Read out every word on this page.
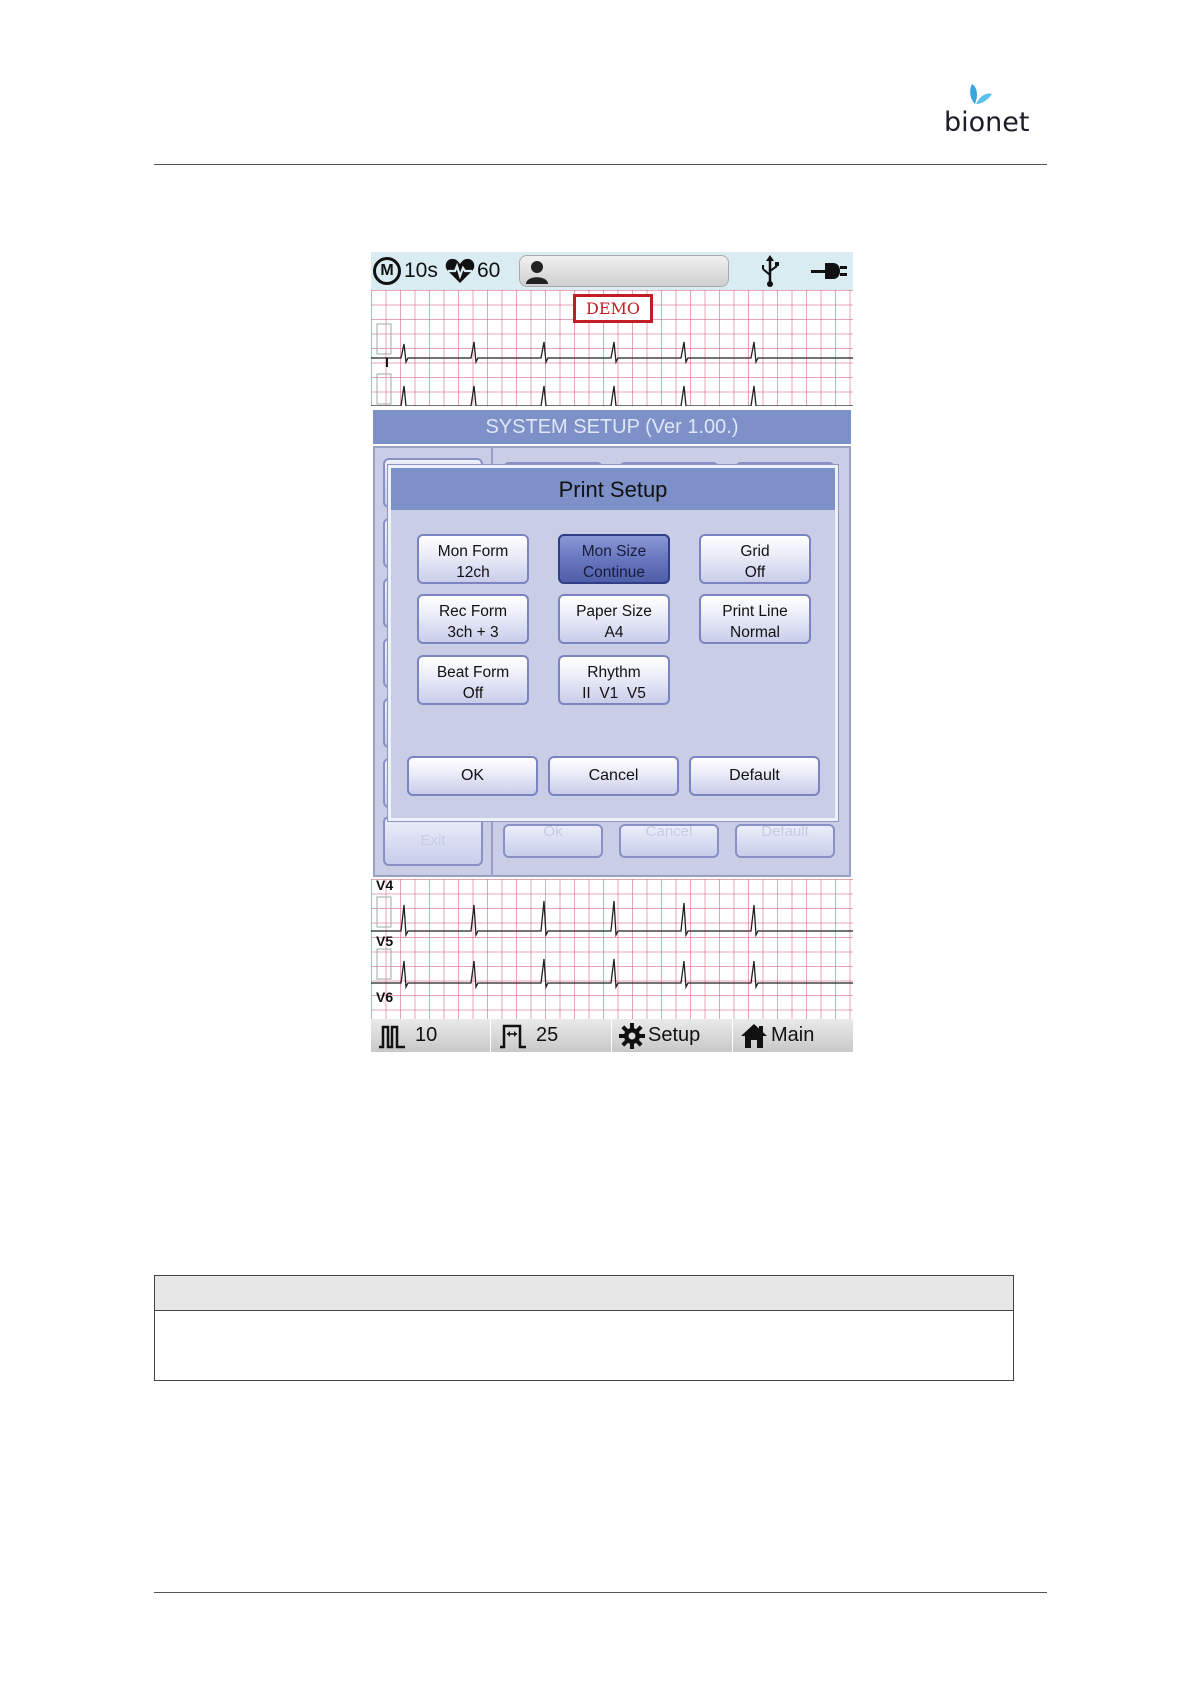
bionet
M 10s 60
I
DEMO
SYSTEM SETUP (Ver 1.00.)
Exit
Ok	Cancel	Default
Print Setup
Mon Form
12ch
Mon Size
Continue
Grid
Off
Rec Form
3ch + 3
Paper Size
A4
Print Line
Normal
Beat Form
Off
Rhythm
II  V1  V5
OK	Cancel	Default
V4
V5
V6
10	25	Setup	Main
